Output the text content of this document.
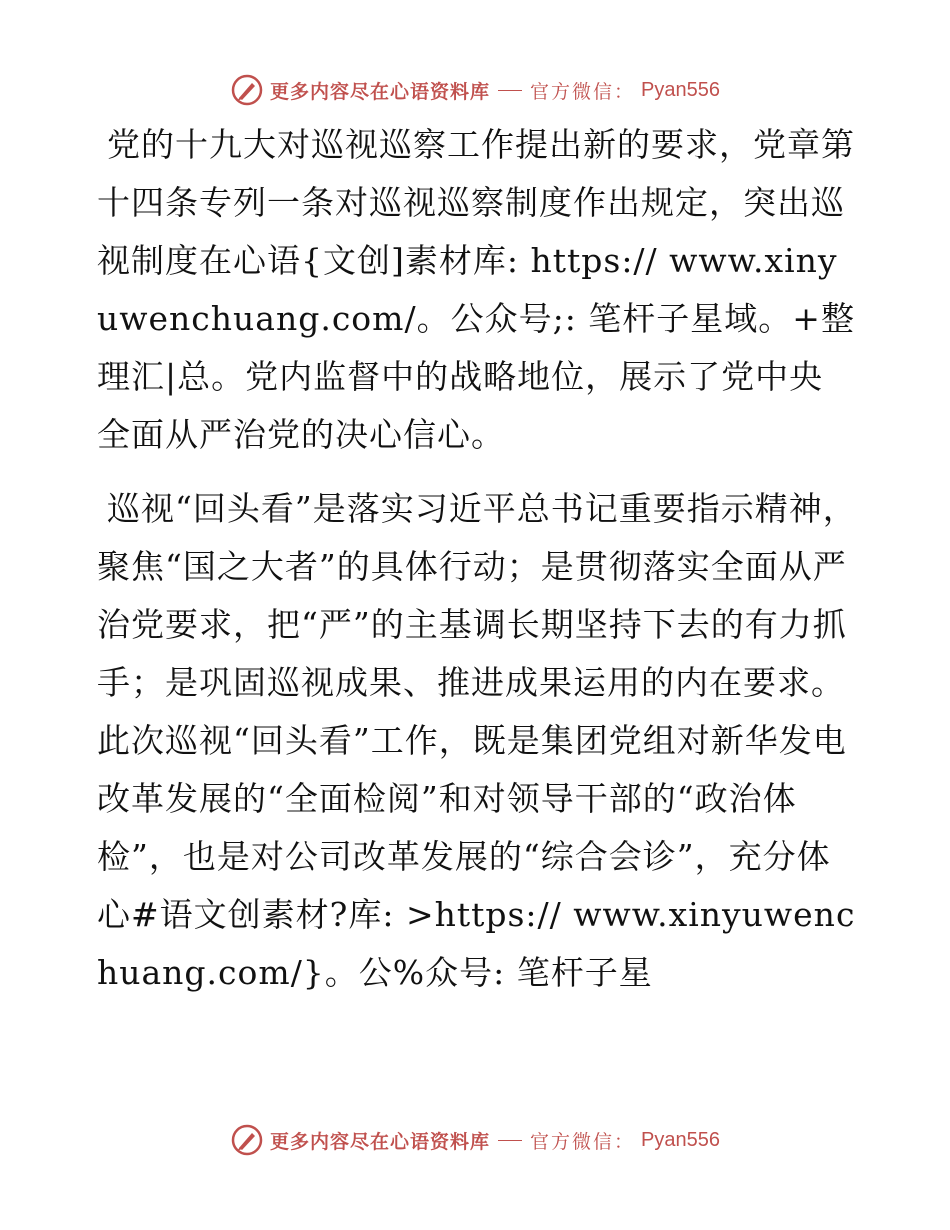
更多内容尽在心语资料库 官方微信： Pyan556

党的十九大对巡视巡察工作提出新的要求，党章第十四条专列一条对巡视巡察制度作出规定，突出巡视制度在心语{文创]素材库: https:// www.xinyuwenchuang.com/。公众号;: 笔杆子星域。+整理汇|总。党内监督中的战略地位，展示了党中央全面从严治党的决心信心。

巡视“回头看”是落实习近平总书记重要指示精神，聚焦“国之大者”的具体行动；是贯彻落实全面从严治党要求，把“严”的主基调长期坚持下去的有力抓手；是巩固巡视成果、推进成果运用的内在要求。此次巡视“回头看”工作，既是集团党组对新华发电改革发展的“全面检阅”和对领导干部的“政治体检”，也是对公司改革发展的“综合会诊”，充分体心#语文创素材?库: >https:// www.xinyuwenchuang.com/}。公%众号: 笔杆子星

更多内容尽在心语资料库 官方微信： Pyan556
